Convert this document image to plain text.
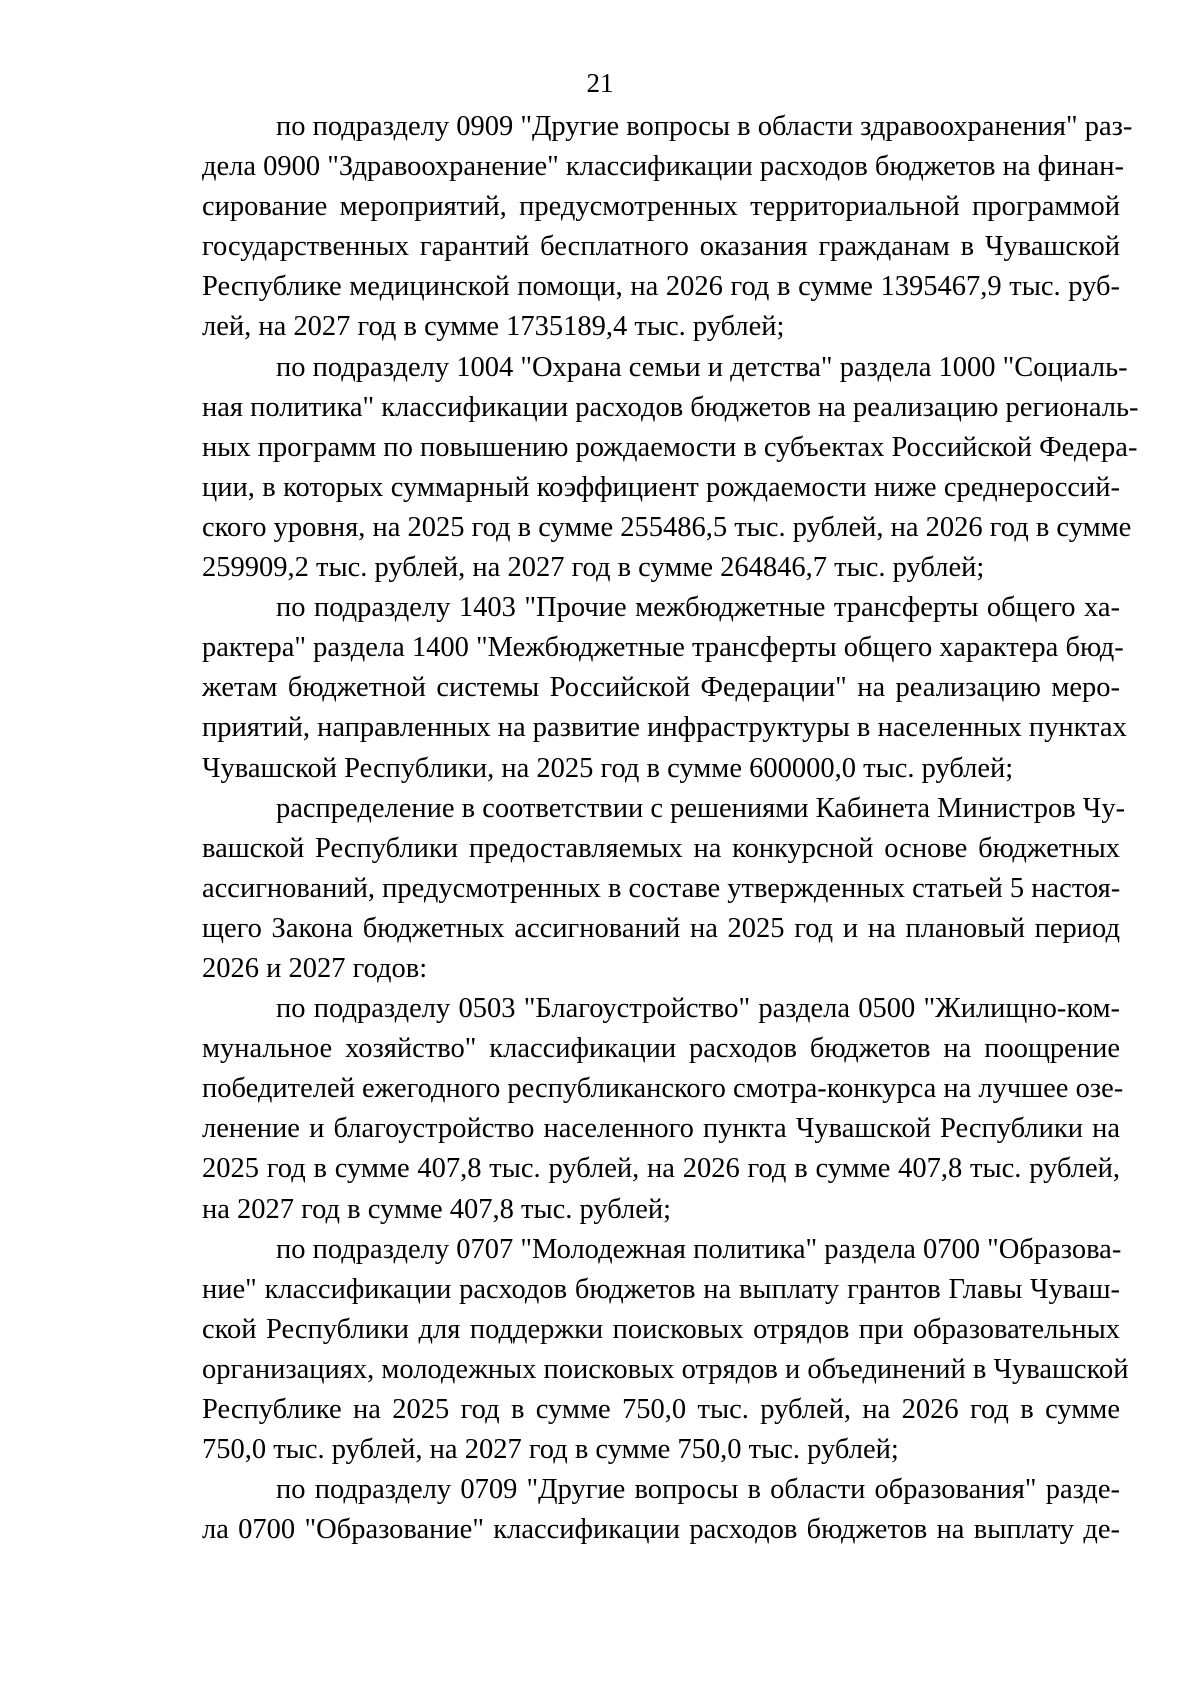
21
по подразделу 0909 "Другие вопросы в области здравоохранения" раз-
дела 0900 "Здравоохранение" классификации расходов бюджетов на финан-
сирование мероприятий, предусмотренных территориальной программой
государственных гарантий бесплатного оказания гражданам в Чувашской
Республике медицинской помощи, на 2026 год в сумме 1395467,9 тыс. руб-
лей, на 2027 год в сумме 1735189,4 тыс. рублей;
по подразделу 1004 "Охрана семьи и детства" раздела 1000 "Социаль-
ная политика" классификации расходов бюджетов на реализацию региональ-
ных программ по повышению рождаемости в субъектах Российской Федера-
ции, в которых суммарный коэффициент рождаемости ниже среднероссий-
ского уровня, на 2025 год в сумме 255486,5 тыс. рублей, на 2026 год в сумме
259909,2 тыс. рублей, на 2027 год в сумме 264846,7 тыс. рублей;
по подразделу 1403 "Прочие межбюджетные трансферты общего ха-
рактера" раздела 1400 "Межбюджетные трансферты общего характера бюд-
жетам бюджетной системы Российской Федерации" на реализацию меро-
приятий, направленных на развитие инфраструктуры в населенных пунктах
Чувашской Республики, на 2025 год в сумме 600000,0 тыс. рублей;
распределение в соответствии с решениями Кабинета Министров Чу-
вашской Республики предоставляемых на конкурсной основе бюджетных
ассигнований, предусмотренных в составе утвержденных статьей 5 настоя-
щего Закона бюджетных ассигнований на 2025 год и на плановый период
2026 и 2027 годов:
по подразделу 0503 "Благоустройство" раздела 0500 "Жилищно-ком-
мунальное хозяйство" классификации расходов бюджетов на поощрение
победителей ежегодного республиканского смотра-конкурса на лучшее озе-
ленение и благоустройство населенного пункта Чувашской Республики на
2025 год в сумме 407,8 тыс. рублей, на 2026 год в сумме 407,8 тыс. рублей,
на 2027 год в сумме 407,8 тыс. рублей;
по подразделу 0707 "Молодежная политика" раздела 0700 "Образова-
ние" классификации расходов бюджетов на выплату грантов Главы Чуваш-
ской Республики для поддержки поисковых отрядов при образовательных
организациях, молодежных поисковых отрядов и объединений в Чувашской
Республике на 2025 год в сумме 750,0 тыс. рублей, на 2026 год в сумме
750,0 тыс. рублей, на 2027 год в сумме 750,0 тыс. рублей;
по подразделу 0709 "Другие вопросы в области образования" разде-
ла 0700 "Образование" классификации расходов бюджетов на выплату де-
